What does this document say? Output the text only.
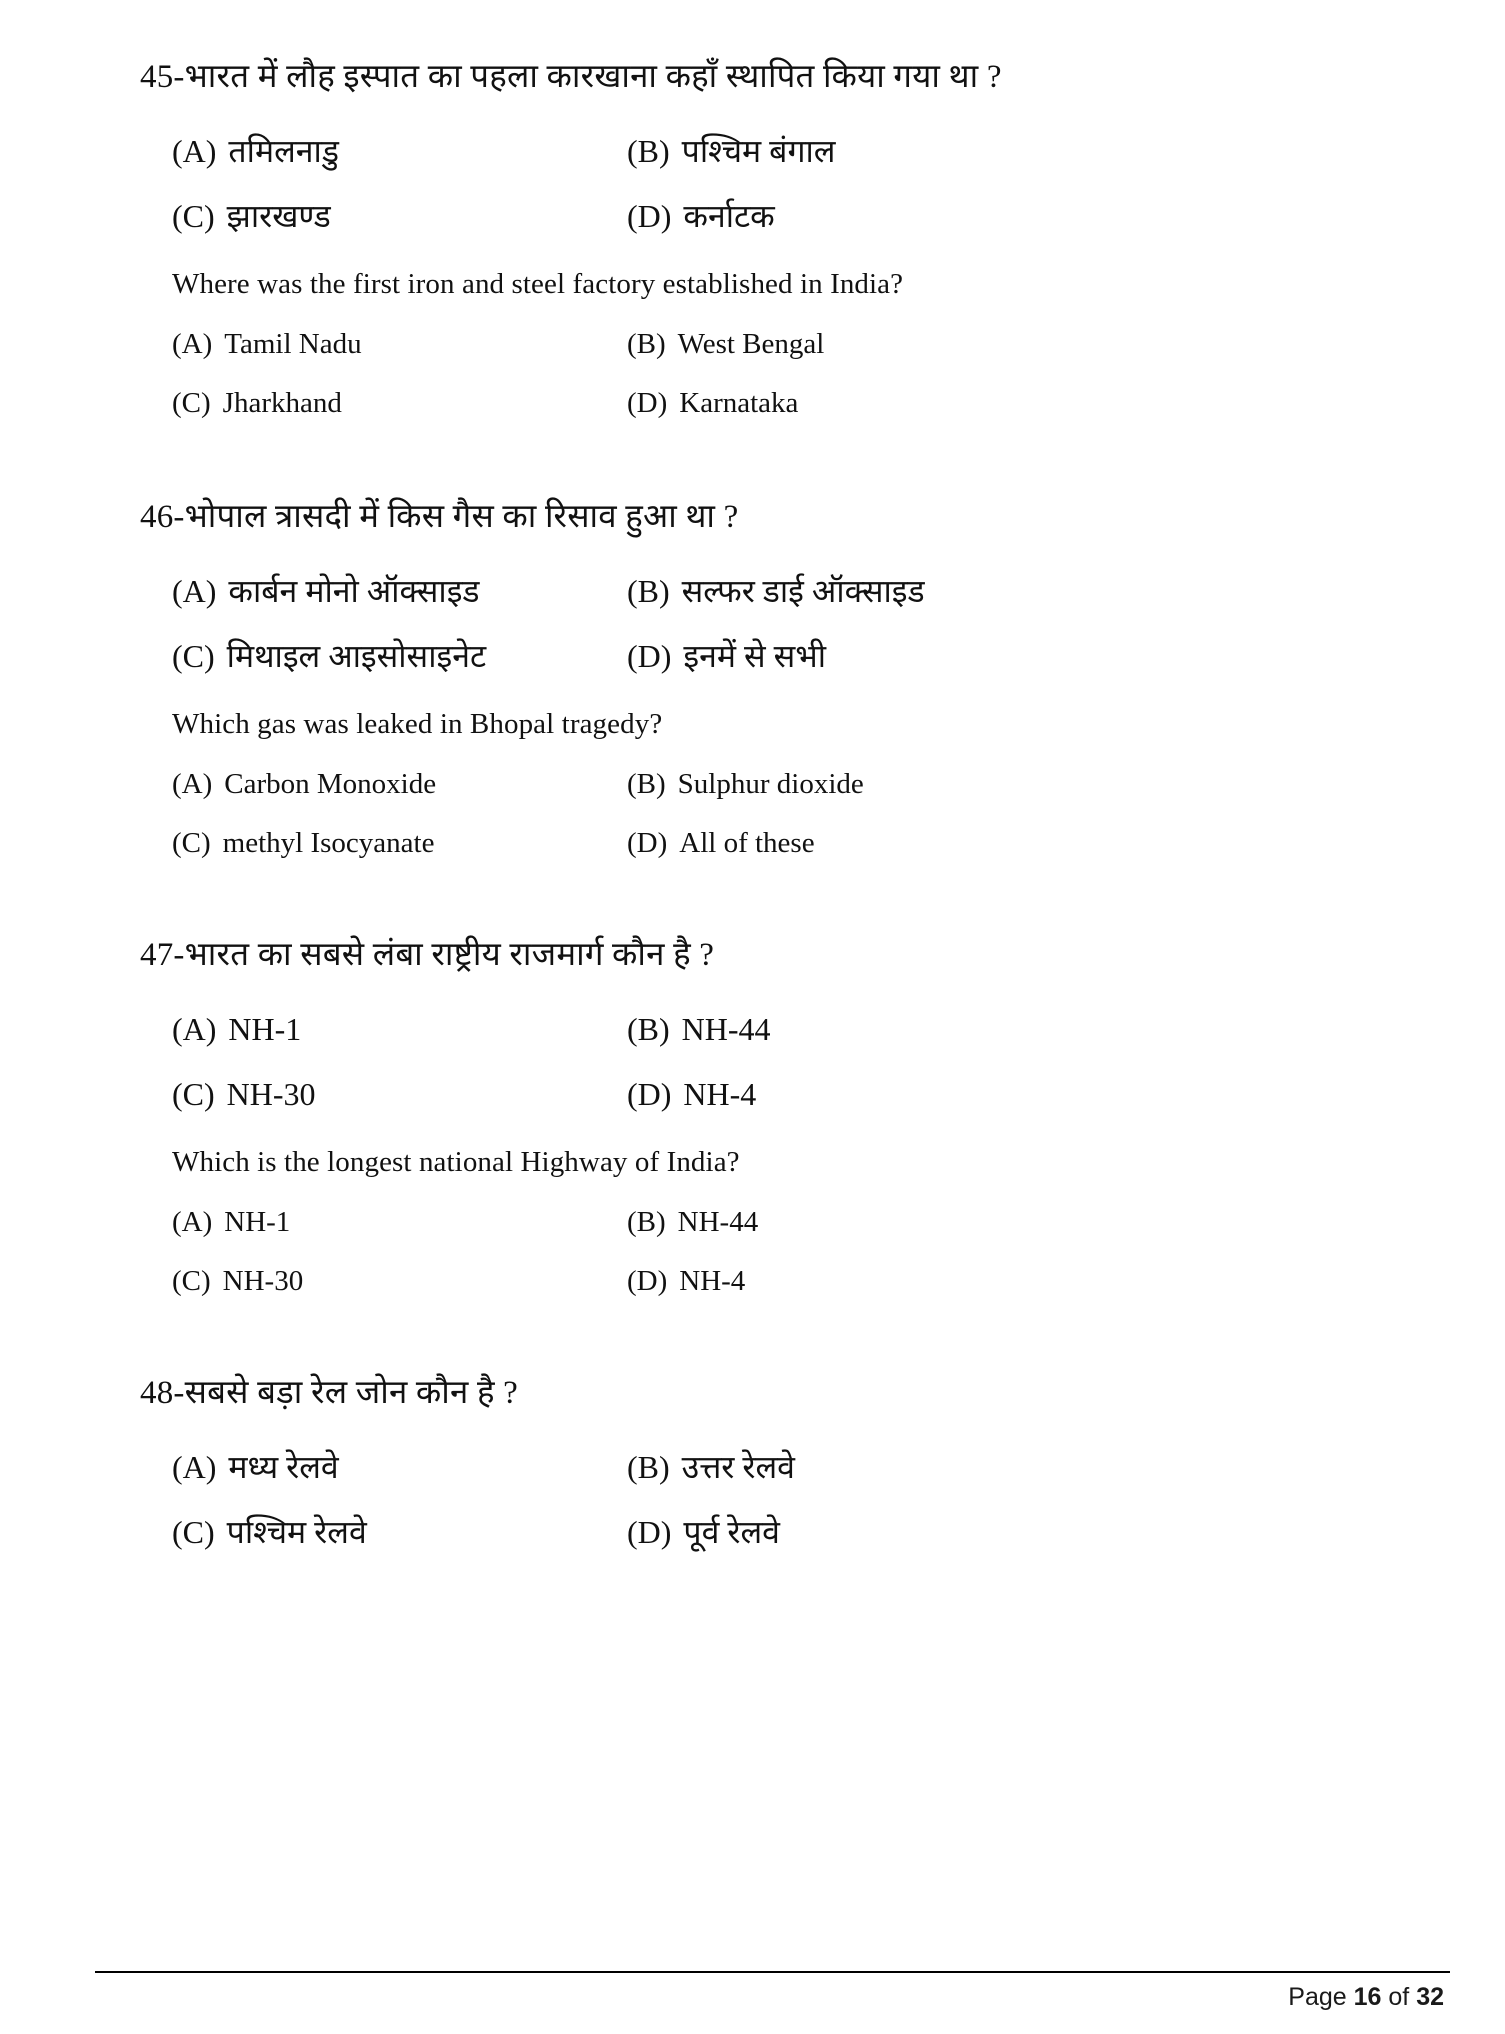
45-भारत में लौह इस्पात का पहला कारखाना कहाँ स्थापित किया गया था ?

(A) तमिलनाडु	(B) पश्चिम बंगाल
(C) झारखण्ड	(D) कर्नाटक

Where was the first iron and steel factory established in India?

(A) Tamil Nadu	(B) West Bengal
(C) Jharkhand	(D) Karnataka

46-भोपाल त्रासदी में किस गैस का रिसाव हुआ था ?

(A) कार्बन मोनो ऑक्साइड	(B) सल्फर डाई ऑक्साइड
(C) मिथाइल आइसोसाइनेट	(D) इनमें से सभी

Which gas was leaked in Bhopal tragedy?

(A) Carbon Monoxide	(B) Sulphur dioxide
(C) methyl Isocyanate	(D) All of these

47-भारत का सबसे लंबा राष्ट्रीय राजमार्ग कौन है ?

(A) NH-1	(B) NH-44
(C) NH-30	(D) NH-4

Which is the longest national Highway of India?

(A) NH-1	(B) NH-44
(C) NH-30	(D) NH-4

48-सबसे बड़ा रेल जोन कौन है ?

(A) मध्य रेलवे	(B) उत्तर रेलवे
(C) पश्चिम रेलवे	(D) पूर्व रेलवे
Page 16 of 32
